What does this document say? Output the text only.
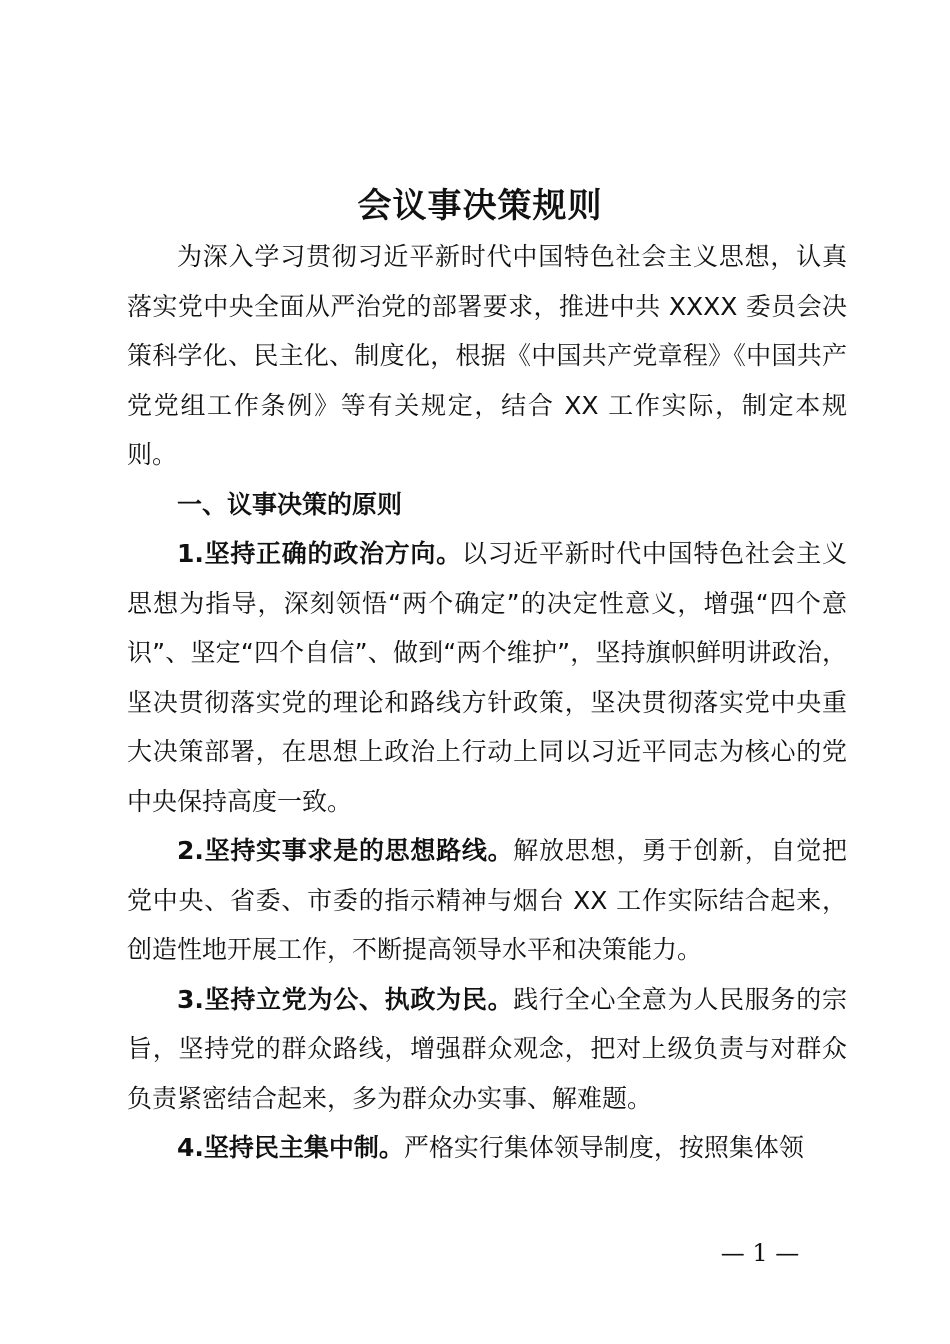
会议事决策规则

为深入学习贯彻习近平新时代中国特色社会主义思想，认真落实党中央全面从严治党的部署要求，推进中共 XXXX 委员会决策科学化、民主化、制度化，根据《中国共产党章程》《中国共产党党组工作条例》等有关规定，结合 XX 工作实际，制定本规则。

一、议事决策的原则

1.坚持正确的政治方向。以习近平新时代中国特色社会主义思想为指导，深刻领悟“两个确定”的决定性意义，增强“四个意识”、坚定“四个自信”、做到“两个维护”，坚持旗帜鲜明讲政治，坚决贯彻落实党的理论和路线方针政策，坚决贯彻落实党中央重大决策部署，在思想上政治上行动上同以习近平同志为核心的党中央保持高度一致。

2.坚持实事求是的思想路线。解放思想，勇于创新，自觉把党中央、省委、市委的指示精神与烟台 XX 工作实际结合起来，创造性地开展工作，不断提高领导水平和决策能力。

3.坚持立党为公、执政为民。践行全心全意为人民服务的宗旨，坚持党的群众路线，增强群众观念，把对上级负责与对群众负责紧密结合起来，多为群众办实事、解难题。

4.坚持民主集中制。严格实行集体领导制度，按照集体领

— 1 —
